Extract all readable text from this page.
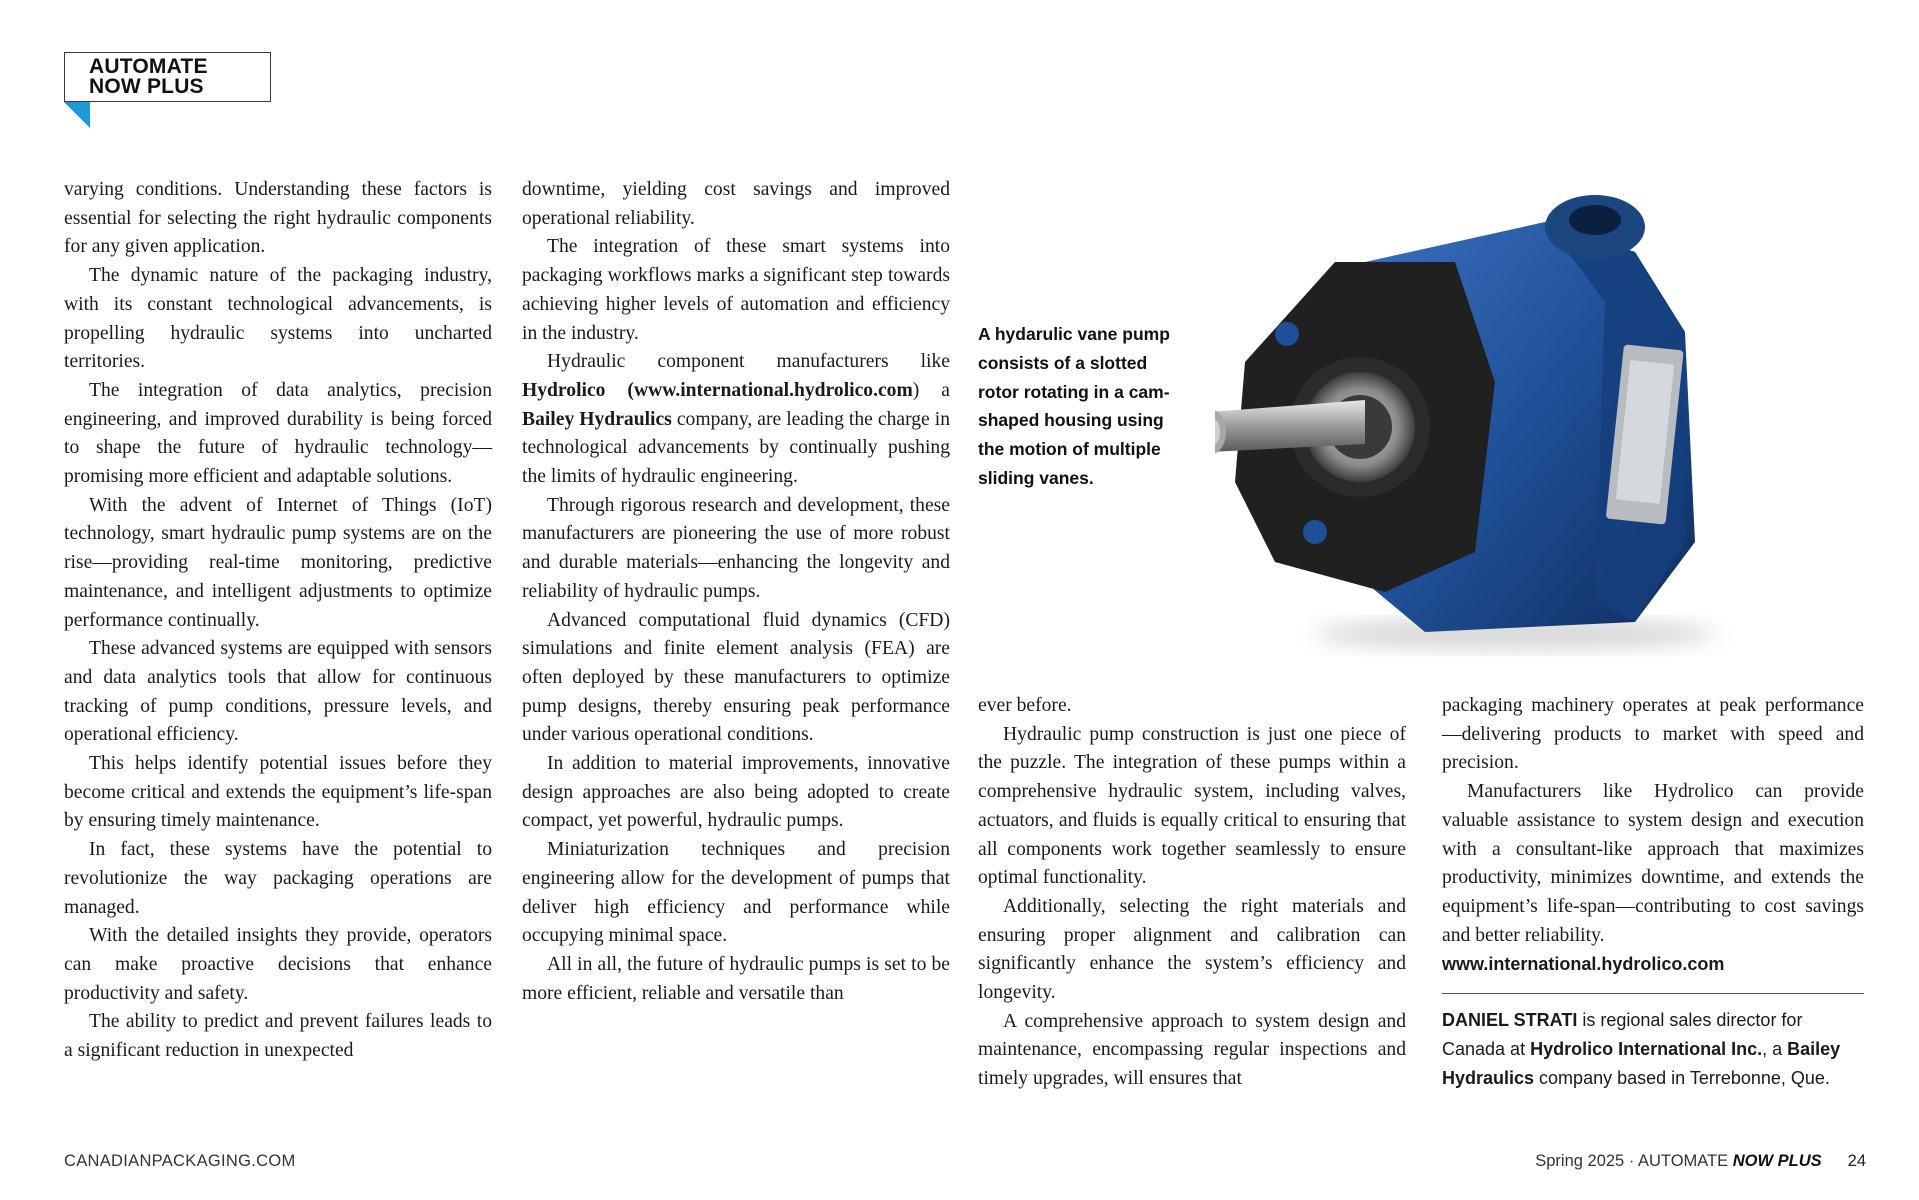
AUTOMATE
NOW PLUS

varying conditions. Understanding these factors is essential for selecting the right hydraulic components for any given application.

The dynamic nature of the packaging industry, with its constant technological advancements, is propelling hydraulic systems into uncharted territories.

The integration of data analytics, precision engineering, and improved durability is being forced to shape the future of hydraulic technology—promising more efficient and adaptable solutions.

With the advent of Internet of Things (IoT) technology, smart hydraulic pump systems are on the rise—providing real-time monitoring, predictive maintenance, and intelligent adjustments to optimize performance continually.

These advanced systems are equipped with sensors and data analytics tools that allow for continuous tracking of pump conditions, pressure levels, and operational efficiency.

This helps identify potential issues before they become critical and extends the equipment’s life-span by ensuring timely maintenance.

In fact, these systems have the potential to revolutionize the way packaging operations are managed.

With the detailed insights they provide, operators can make proactive decisions that enhance productivity and safety.

The ability to predict and prevent failures leads to a significant reduction in unexpected

downtime, yielding cost savings and improved operational reliability.

The integration of these smart systems into packaging workflows marks a significant step towards achieving higher levels of automation and efficiency in the industry.

Hydraulic component manufacturers like Hydrolico (www.international.hydrolico.com) a Bailey Hydraulics company, are leading the charge in technological advancements by continually pushing the limits of hydraulic engineering.

Through rigorous research and development, these manufacturers are pioneering the use of more robust and durable materials—enhancing the longevity and reliability of hydraulic pumps.

Advanced computational fluid dynamics (CFD) simulations and finite element analysis (FEA) are often deployed by these manufacturers to optimize pump designs, thereby ensuring peak performance under various operational conditions.

In addition to material improvements, innovative design approaches are also being adopted to create compact, yet powerful, hydraulic pumps.

Miniaturization techniques and precision engineering allow for the development of pumps that deliver high efficiency and performance while occupying minimal space.

All in all, the future of hydraulic pumps is set to be more efficient, reliable and versatile than

A hydarulic vane pump consists of a slotted rotor rotating in a cam-shaped housing using the motion of multiple sliding vanes.

ever before.

Hydraulic pump construction is just one piece of the puzzle. The integration of these pumps within a comprehensive hydraulic system, including valves, actuators, and fluids is equally critical to ensuring that all components work together seamlessly to ensure optimal functionality.

Additionally, selecting the right materials and ensuring proper alignment and calibration can significantly enhance the system’s efficiency and longevity.

A comprehensive approach to system design and maintenance, encompassing regular inspections and timely upgrades, will ensures that

packaging machinery operates at peak performance—delivering products to market with speed and precision.

Manufacturers like Hydrolico can provide valuable assistance to system design and execution with a consultant-like approach that maximizes productivity, minimizes downtime, and extends the equipment’s life-span—contributing to cost savings and better reliability.

www.international.hydrolico.com
DANIEL STRATI is regional sales director for Canada at Hydrolico International Inc., a Bailey Hydraulics company based in Terrebonne, Que.
CANADIANPACKAGING.COM	Spring 2025 · AUTOMATE NOW PLUS 24
